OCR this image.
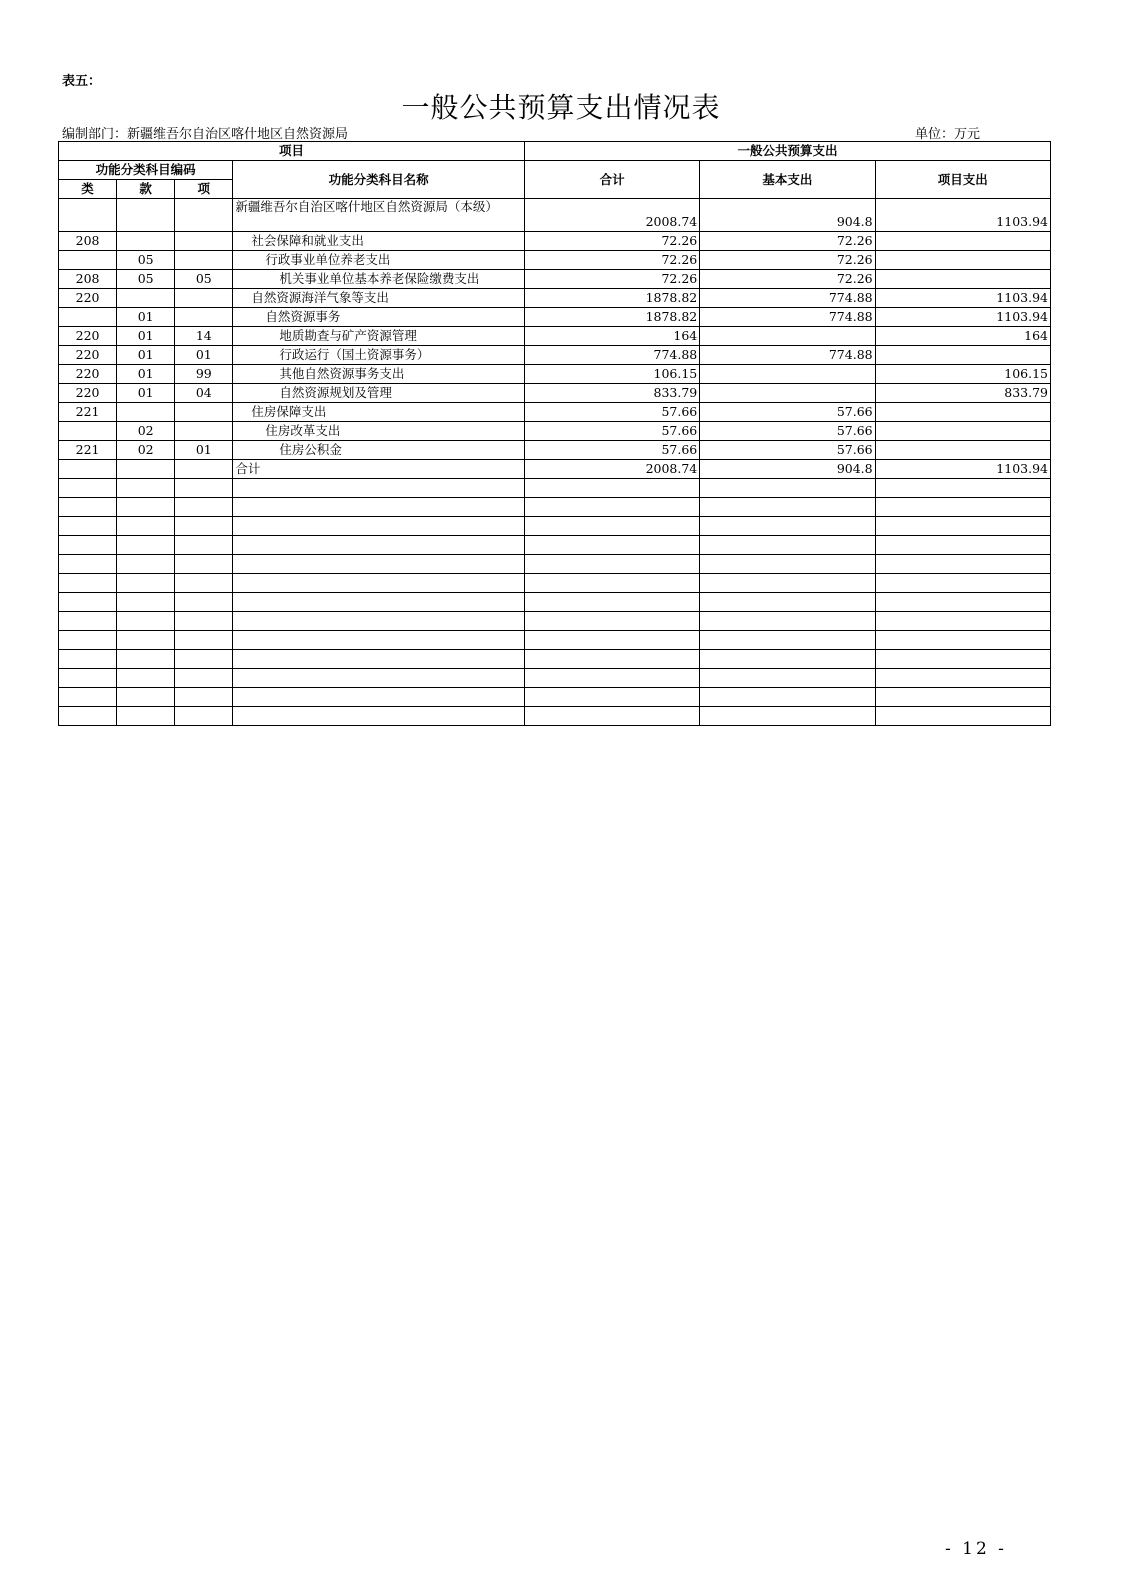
表五：
一般公共预算支出情况表
编制部门：新疆维吾尔自治区喀什地区自然资源局	单位：万元
项目				一般公共预算支出		
功能分类科目编码			功能分类科目名称	合计	基本支出	项目支出
类	款	项				
			新疆维吾尔自治区喀什地区自然资源局（本级）	2008.74	904.8	1103.94
208			社会保障和就业支出	72.26	72.26	
	05		行政事业单位养老支出	72.26	72.26	
208	05	05	机关事业单位基本养老保险缴费支出	72.26	72.26	
220			自然资源海洋气象等支出	1878.82	774.88	1103.94
	01		自然资源事务	1878.82	774.88	1103.94
220	01	14	地质勘查与矿产资源管理	164		164
220	01	01	行政运行（国土资源事务）	774.88	774.88	
220	01	99	其他自然资源事务支出	106.15		106.15
220	01	04	自然资源规划及管理	833.79		833.79
221			住房保障支出	57.66	57.66	
	02		住房改革支出	57.66	57.66	
221	02	01	住房公积金	57.66	57.66	
			合计	2008.74	904.8	1103.94

- 12 -
